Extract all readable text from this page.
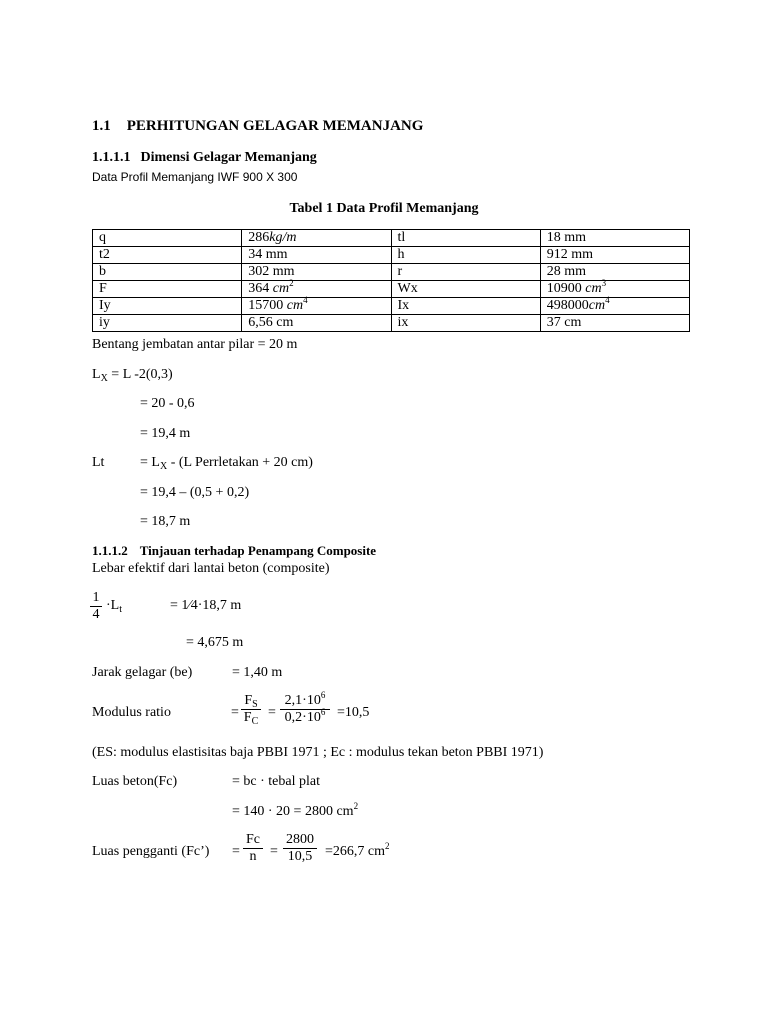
1.1 PERHITUNGAN GELAGAR MEMANJANG
1.1.1.1 Dimensi Gelagar Memanjang
Data Profil Memanjang IWF 900 X 300
Tabel 1 Data Profil Memanjang
q	286kg/m	tl	18 mm
t2	34 mm	h	912 mm
b	302 mm	r	28 mm
F	364 $cm^2$	Wx	10900 $cm^3$
Iy	15700 $cm^4$	Ix	$498000cm^4$
iy	6,56 cm	ix	37 cm
Bentang jembatan antar pilar = 20 m
$L_X = L$ -2(0,3)
= 20 - 0,6
= 19,4 m
Lt	= $L_X - (L$ Perrletakan + 20 cm)
= 19,4 – (0,5 + 0,2)
= 18,7 m
1.1.1.2 Tinjauan terhadap Penampang Composite
Lebar efektif dari lantai beton (composite)
$\frac{1}{4} \cdot L_t$	= 1⁄4·18,7 m
= 4,675 m
Jarak gelagar (be)	= 1,40 m
Modulus ratio	= $\frac{F_S}{F_C} = \frac{2,1\cdot 10^6}{0,2\cdot 10^6} =10,5$
(ES: modulus elastisitas baja PBBI 1971 ; Ec : modulus tekan beton PBBI 1971)
Luas beton(Fc)	= bc · tebal plat
= 140 · 20 = 2800 $cm^2$
Luas pengganti (Fc’) = $\frac{Fc}{n} = \frac{2800}{10,5} =266,7$ $cm^2$
